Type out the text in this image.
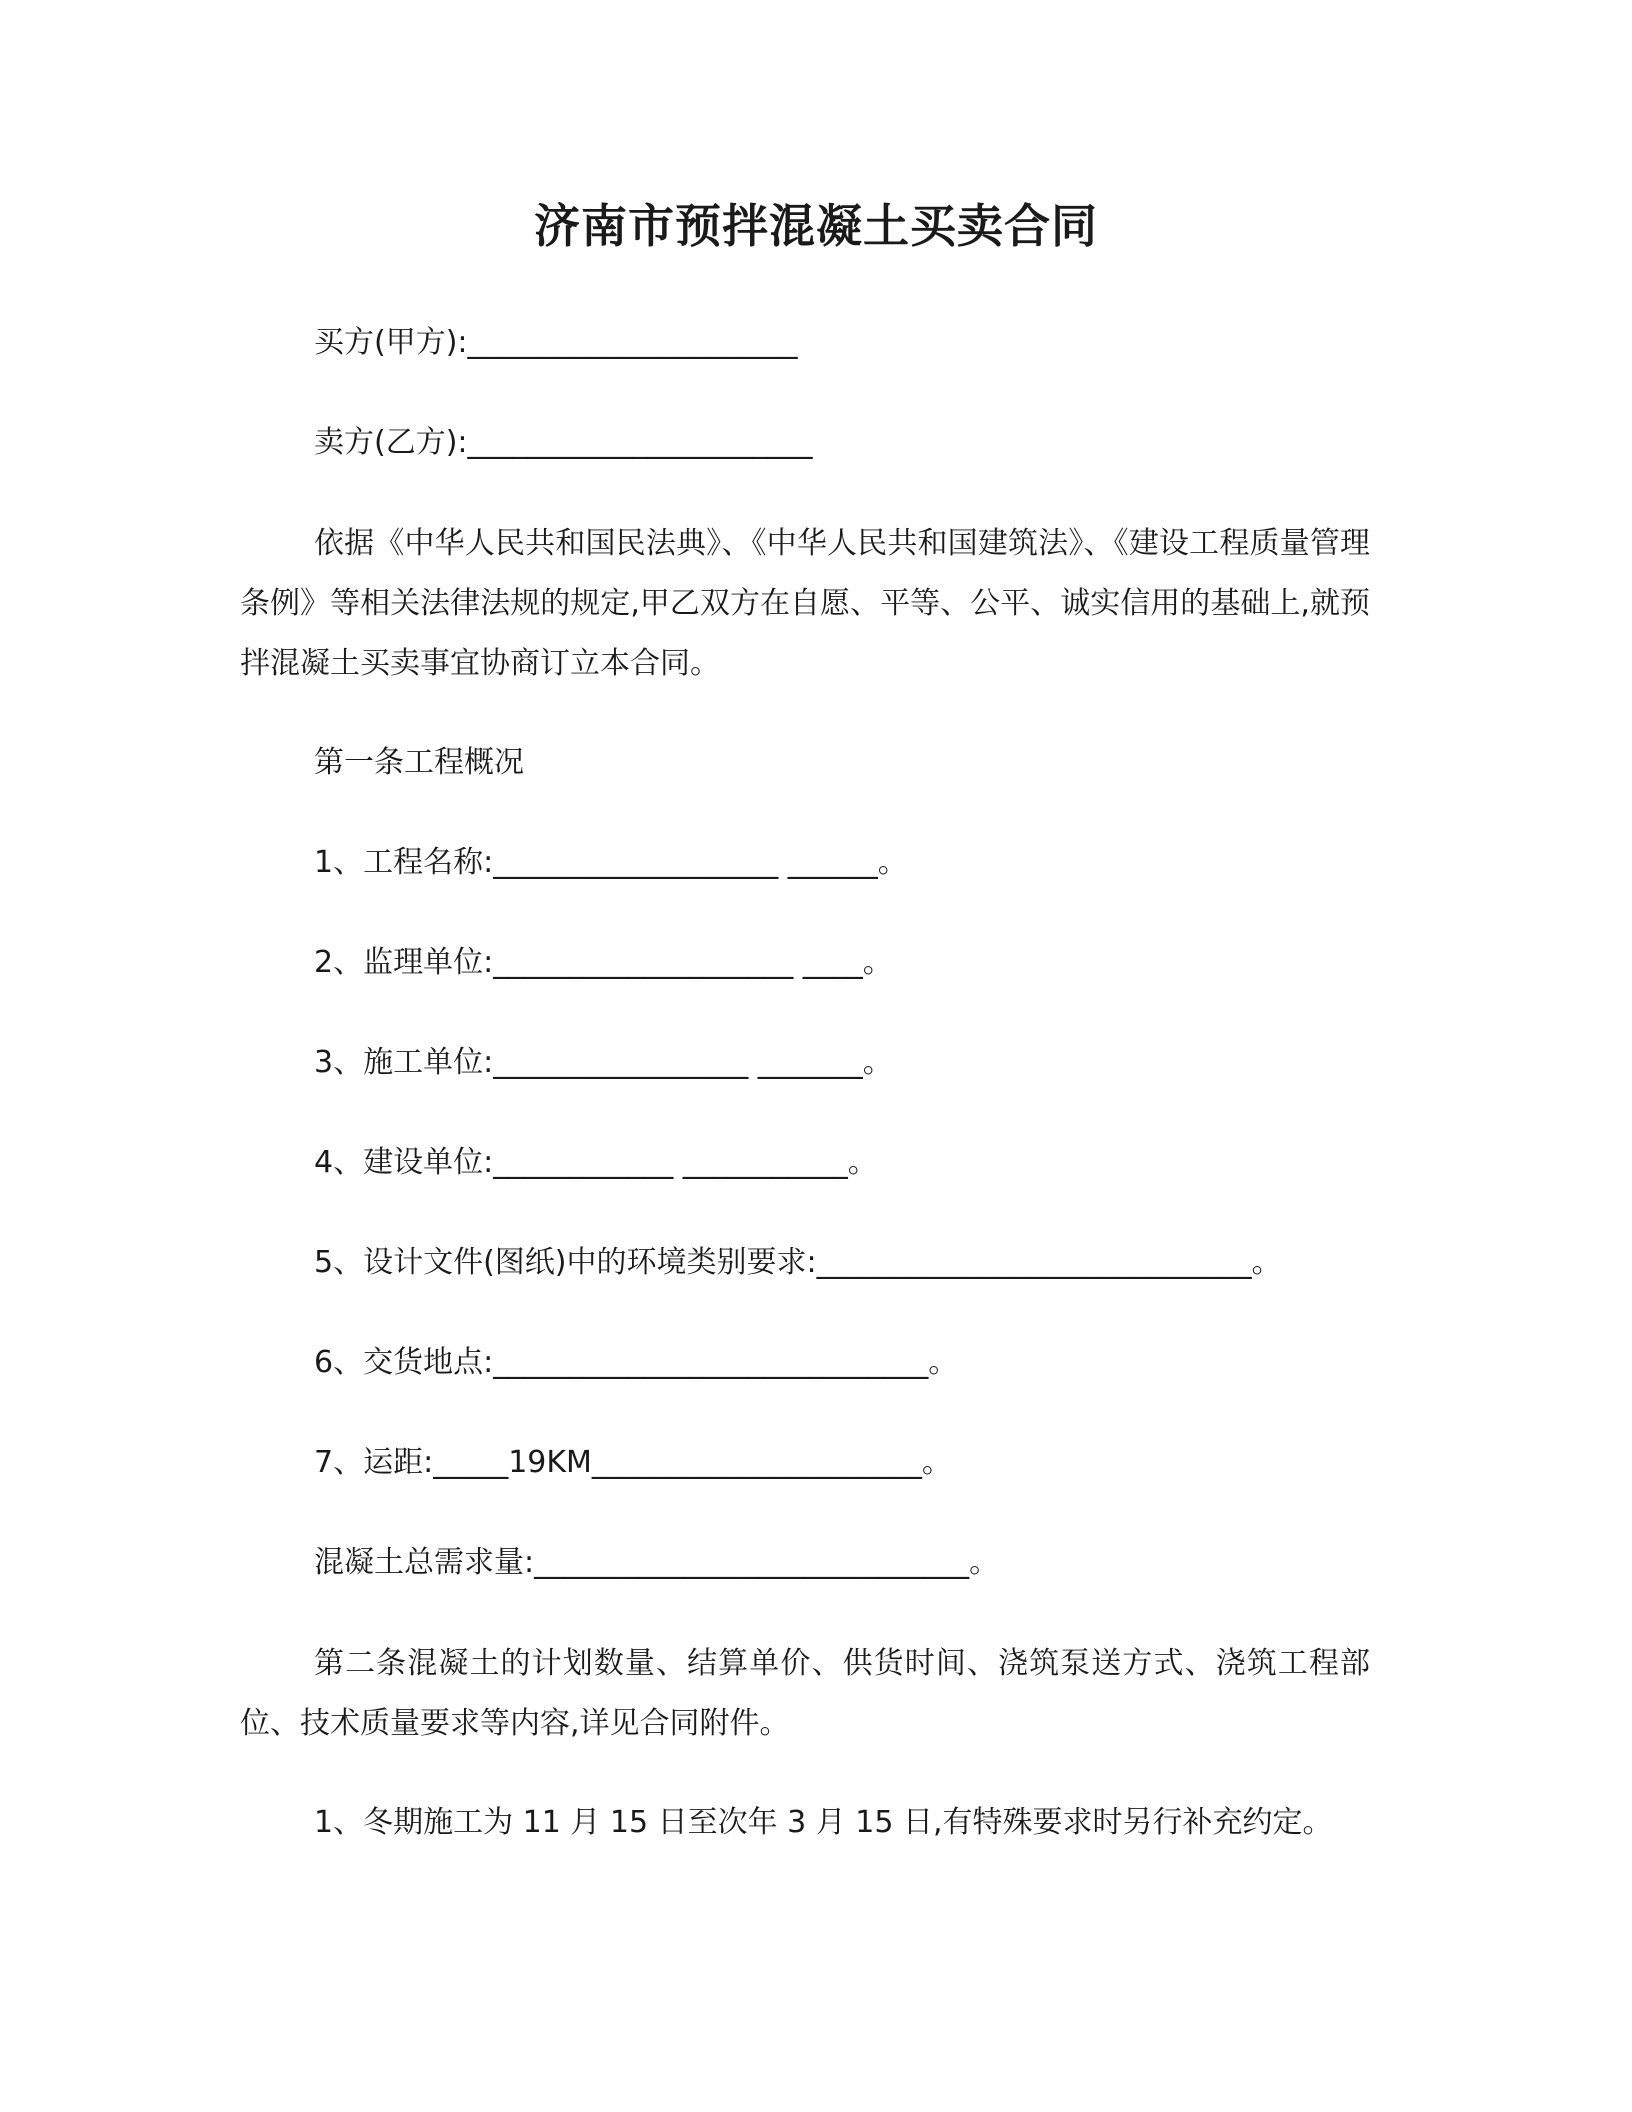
济南市预拌混凝土买卖合同
买方(甲方):______________________
卖方(乙方):_______________________
依据《中华人民共和国民法典》、《中华人民共和国建筑法》、《建设工程质量管理条例》等相关法律法规的规定,甲乙双方在自愿、平等、公平、诚实信用的基础上,就预拌混凝土买卖事宜协商订立本合同。
第一条工程概况
1、工程名称:___________________ ______。
2、监理单位:____________________ ____。
3、施工单位:_________________ _______。
4、建设单位:____________ ___________。
5、设计文件(图纸)中的环境类别要求:_____________________________。
6、交货地点:_____________________________。
7、运距:_____19KM______________________。
混凝土总需求量:_____________________________。
第二条混凝土的计划数量、结算单价、供货时间、浇筑泵送方式、浇筑工程部位、技术质量要求等内容,详见合同附件。
1、冬期施工为 11 月 15 日至次年 3 月 15 日,有特殊要求时另行补充约定。
